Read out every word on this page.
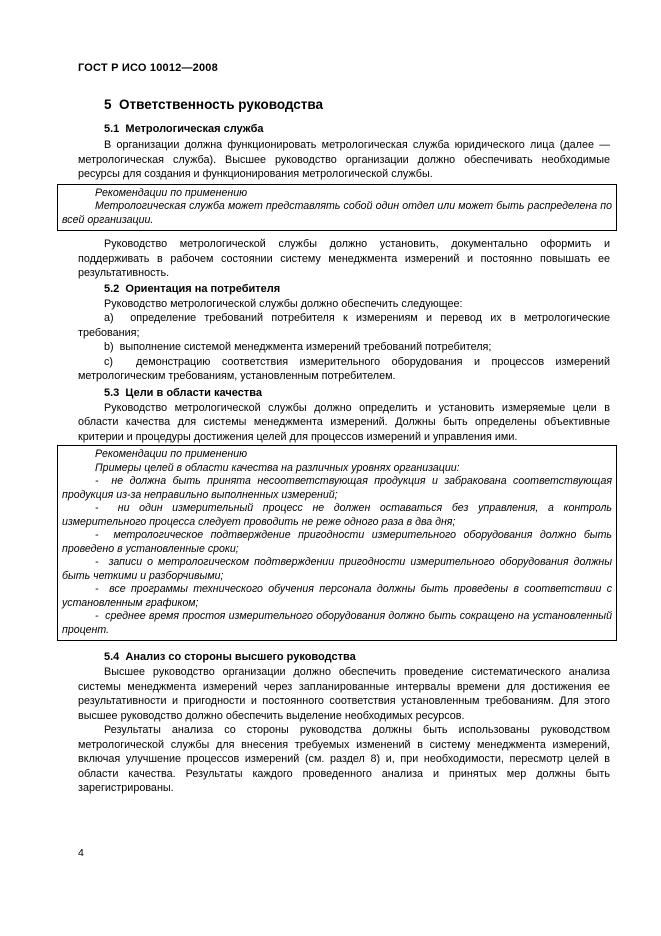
ГОСТ Р ИСО 10012—2008
5  Ответственность руководства
5.1  Метрологическая служба

В организации должна функционировать метрологическая служба юридического лица (далее — метрологическая служба). Высшее руководство организации должно обеспечивать необходимые ресурсы для создания и функционирования метрологической службы.

Рекомендации по применению

Метрологическая служба может представлять собой один отдел или может быть распределена по всей организации.

Руководство метрологической службы должно установить, документально оформить и поддерживать в рабочем состоянии систему менеджмента измерений и постоянно повышать ее результативность.

5.2  Ориентация на потребителя

Руководство метрологической службы должно обеспечить следующее:

a)  определение требований потребителя к измерениям и перевод их в метрологические требования;

b)  выполнение системой менеджмента измерений требований потребителя;

c)  демонстрацию соответствия измерительного оборудования и процессов измерений метрологическим требованиям, установленным потребителем.

5.3  Цели в области качества

Руководство метрологической службы должно определить и установить измеряемые цели в области качества для системы менеджмента измерений. Должны быть определены объективные критерии и процедуры достижения целей для процессов измерений и управления ими.

Рекомендации по применению

Примеры целей в области качества на различных уровнях организации:

-  не должна быть принята несоответствующая продукция и забракована соответствующая продукция из-за неправильно выполненных измерений;

-  ни один измерительный процесс не должен оставаться без управления, а контроль измерительного процесса следует проводить не реже одного раза в два дня;

-  метрологическое подтверждение пригодности измерительного оборудования должно быть проведено в установленные сроки;

-  записи о метрологическом подтверждении пригодности измерительного оборудования должны быть четкими и разборчивыми;

-  все программы технического обучения персонала должны быть проведены в соответствии с установленным графиком;

-  среднее время простоя измерительного оборудования должно быть сокращено на установленный процент.

5.4  Анализ со стороны высшего руководства

Высшее руководство организации должно обеспечить проведение систематического анализа системы менеджмента измерений через запланированные интервалы времени для достижения ее результативности и пригодности и постоянного соответствия установленным требованиям. Для этого высшее руководство должно обеспечить выделение необходимых ресурсов.

Результаты анализа со стороны руководства должны быть использованы руководством метрологической службы для внесения требуемых изменений в систему менеджмента измерений, включая улучшение процессов измерений (см. раздел 8) и, при необходимости, пересмотр целей в области качества. Результаты каждого проведенного анализа и принятых мер должны быть зарегистрированы.

4
